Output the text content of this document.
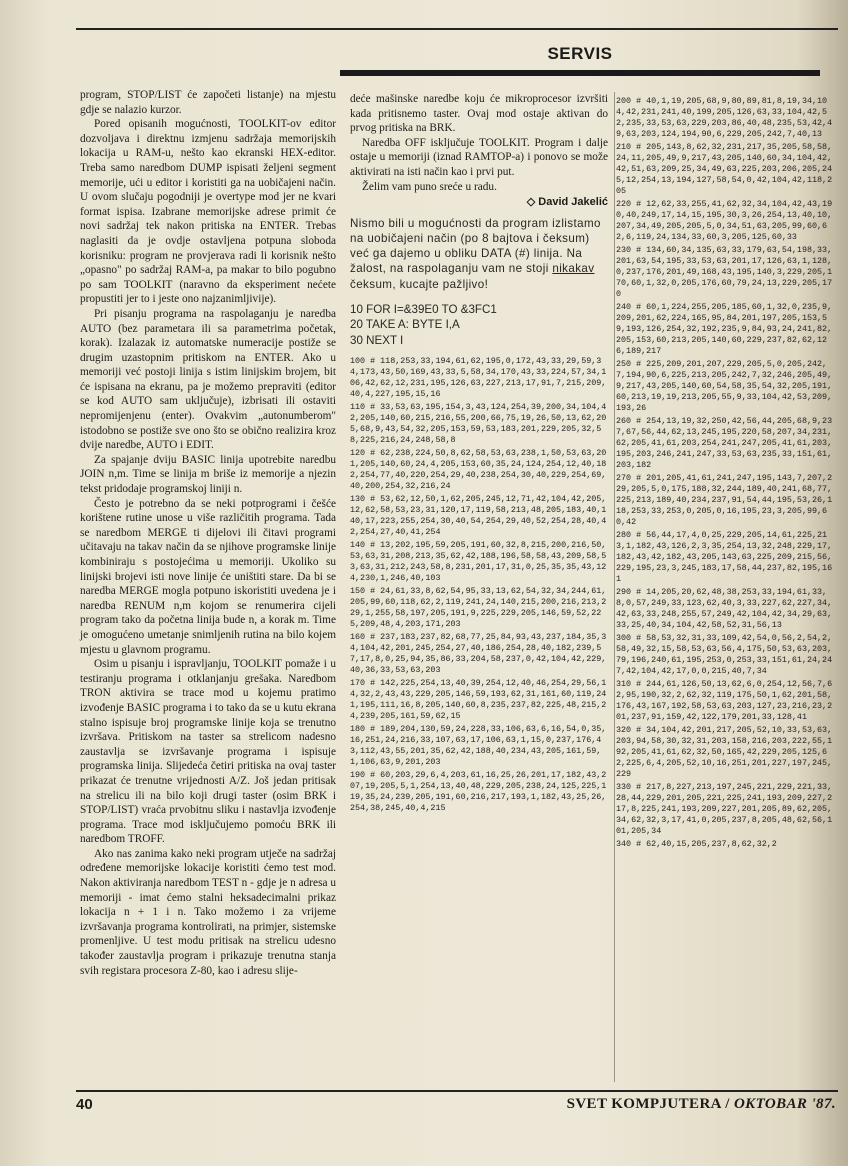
SERVIS

program, STOP/LIST će započeti listanje) na mjestu gdje se nalazio kurzor.

Pored opisanih mogućnosti, TOOLKIT-ov editor dozvoljava i direktnu izmjenu sadržaja memorijskih lokacija u RAM-u, nešto kao ekranski HEX-editor. Treba samo naredbom DUMP ispisati željeni segment memorije, ući u editor i koristiti ga na uobičajeni način. U ovom slučaju pogodniji je overtype mod jer ne kvari format ispisa. Izabrane memorijske adrese primit će novi sadržaj tek nakon pritiska na ENTER. Trebas naglasiti da je ovdje ostavljena potpuna sloboda korisniku: program ne provjerava radi li korisnik nešto „opasno" po sadržaj RAM-a, pa makar to bilo pogubno po sam TOOLKIT (naravno da eksperiment nećete propustiti jer to i jeste ono najzanimljivije).

Pri pisanju programa na raspolaganju je naredba AUTO (bez parametara ili sa parametrima početak, korak). Izalazak iz automatske numeracije postiže se drugim uzastopnim pritiskom na ENTER. Ako u memoriji već postoji linija s istim linijskim brojem, bit će ispisana na ekranu, pa je možemo prepraviti (editor se kod AUTO sam uključuje), izbrisati ili ostaviti nepromijenjenu (enter). Ovakvim „autonumberom" istodobno se postiže sve ono što se obično realizira kroz dvije naredbe, AUTO i EDIT.

Za spajanje dviju BASIC linija upotrebite naredbu JOIN n,m. Time se linija m briše iz memorije a njezin tekst pridodaje programskoj liniji n.

Često je potrebno da se neki potprogrami i češće korištene rutine unose u više različitih programa. Tada se naredbom MERGE ti dijelovi ili čitavi programi učitavaju na takav način da se njihove programske linije kombiniraju s postojećima u memoriji. Ukoliko su linijski brojevi isti nove linije će uništiti stare. Da bi se naredba MERGE mogla potpuno iskoristiti uvedena je i naredba RENUM n,m kojom se renumerira cijeli program tako da početna linija bude n, a korak m. Time je omogućeno umetanje snimljenih rutina na bilo kojem mjestu u glavnom programu.

Osim u pisanju i ispravljanju, TOOLKIT pomaže i u testiranju programa i otklanjanju grešaka. Naredbom TRON aktivira se trace mod u kojemu pratimo izvođenje BASIC programa i to tako da se u kutu ekrana stalno ispisuje broj programske linije koja se trenutno izvršava. Pritiskom na taster sa strelicom nadesno zaustavlja se izvršavanje programa i ispisuje programska linija. Slijedeća četiri pritiska na ovaj taster prikazat će trenutne vrijednosti A/Z. Još jedan pritisak na strelicu ili na bilo koji drugi taster (osim BRK i STOP/LIST) vraća prvobitnu sliku i nastavlja izvođenje programa. Trace mod isključujemo pomoću BRK ili naredbom TROFF.

Ako nas zanima kako neki program utječe na sadržaj određene memorijske lokacije koristiti ćemo test mod. Nakon aktiviranja naredbom TEST n - gdje je n adresa u memoriji - imat ćemo stalni heksadecimalni prikaz lokacija n + 1 i n. Tako možemo i za vrijeme izvršavanja programa kontrolirati, na primjer, sistemske promenljive. U test modu pritisak na strelicu udesno također zaustavlja program i prikazuje trenutna stanja svih registara procesora Z-80, kao i adresu slije-

deće mašinske naredbe koju će mikroprocesor izvršiti kada pritisnemo taster. Ovaj mod ostaje aktivan do prvog pritiska na BRK.

Naredba OFF isključuje TOOLKIT. Program i dalje ostaje u memoriji (iznad RAMTOP-a) i ponovo se može aktivirati na isti način kao i prvi put.

Želim vam puno sreće u radu.

◇ David Jakelić

Nismo bili u mogućnosti da program izlistamo na uobičajeni način (po 8 bajtova i čeksum) već ga dajemo u obliku DATA (#) linija. Na žalost, na raspolaganju vam ne stoji nikakav čeksum, kucajte pažljivo!

10 FOR I=&39E0 TO &3FC1
20 TAKE A: BYTE I,A
30 NEXT I
100 # 118,253,33,194,61,62,195,0,172,43,33,29,59,34,173,43,50,169,43,33,5,58,34,170,43,33,224,57,34,106,42,62,12,231,195,126,63,227,213,17,91,7,215,209,40,4,227,195,15,16
110 # 33,53,63,195,154,3,43,124,254,39,200,34,104,42,205,140,60,215,216,55,200,66,75,19,26,50,13,62,205,68,9,43,54,32,205,153,59,53,183,201,229,205,32,58,225,216,24,248,58,8
120 # 62,238,224,50,8,62,58,53,63,238,1,50,53,63,201,205,140,60,24,4,205,153,60,35,24,124,254,12,40,182,254,77,40,220,254,29,40,238,254,30,40,229,254,69,40,200,254,32,216,24
130 # 53,62,12,50,1,62,205,245,12,71,42,104,42,205,12,62,58,53,23,31,120,17,119,58,213,48,205,183,40,140,17,223,255,254,30,40,54,254,29,40,52,254,28,40,42,254,27,40,41,254
140 # 13,202,195,59,205,191,60,32,8,215,200,216,50,53,63,31,208,213,35,62,42,188,196,58,58,43,209,58,53,63,31,212,243,58,8,231,201,17,31,0,25,35,35,43,124,230,1,246,40,103
150 # 24,61,33,8,62,54,95,33,13,62,54,32,34,244,61,205,99,60,118,62,2,119,241,24,140,215,200,216,213,229,1,255,58,197,205,191,9,225,229,205,146,59,52,225,209,48,4,203,171,203
160 # 237,183,237,82,68,77,25,84,93,43,237,184,35,34,104,42,201,245,254,27,40,186,254,28,40,182,239,57,17,8,0,25,94,35,86,33,204,58,237,0,42,104,42,229,40,36,33,53,63,203
170 # 142,225,254,13,40,39,254,12,40,46,254,29,56,14,32,2,43,43,229,205,146,59,193,62,31,161,60,119,241,195,111,16,8,205,140,60,8,235,237,82,225,48,215,24,239,205,161,59,62,15
180 # 189,204,130,59,24,228,33,106,63,6,16,54,0,35,16,251,24,216,33,107,63,17,106,63,1,15,0,237,176,43,112,43,55,201,35,62,42,188,40,234,43,205,161,59,1,106,63,9,201,203
190 # 60,203,29,6,4,203,61,16,25,26,201,17,182,43,207,19,205,5,1,254,13,40,48,229,205,238,24,125,225,119,35,24,239,205,191,60,216,217,193,1,182,43,25,26,254,38,245,40,4,215
200 # 40,1,19,205,68,9,80,89,81,8,19,34,104,42,231,241,40,199,205,126,63,33,104,42,52,235,33,53,63,229,203,86,40,48,235,53,42,49,63,203,124,194,90,6,229,205,242,7,40,13
210 # 205,143,8,62,32,231,217,35,205,58,58,24,11,205,49,9,217,43,205,140,60,34,104,42,42,51,63,209,25,34,49,63,225,203,206,205,245,12,254,13,194,127,58,54,0,42,104,42,118,205
220 # 12,62,33,255,41,62,32,34,104,42,43,190,40,249,17,14,15,195,30,3,26,254,13,40,10,207,34,49,205,205,5,0,34,51,63,205,99,60,62,6,119,24,134,33,60,3,205,125,60,33
230 # 134,60,34,135,63,33,179,63,54,198,33,201,63,54,195,33,53,63,201,17,126,63,1,128,0,237,176,201,49,168,43,195,140,3,229,205,170,60,1,32,0,205,176,60,79,24,13,229,205,170
240 # 60,1,224,255,205,185,60,1,32,0,235,9,209,201,62,224,165,95,84,201,197,205,153,59,193,126,254,32,192,235,9,84,93,24,241,82,205,153,60,213,205,140,60,229,237,82,62,126,189,217
250 # 225,209,201,207,229,205,5,0,205,242,7,194,90,6,225,213,205,242,7,32,246,205,49,9,217,43,205,140,60,54,58,35,54,32,205,191,60,213,19,19,213,205,55,9,33,104,42,53,209,193,26
260 # 254,13,19,32,250,42,56,44,205,68,9,237,67,56,44,62,13,245,195,220,58,207,34,231,62,205,41,61,203,254,241,247,205,41,61,203,195,203,246,241,247,33,53,63,235,33,151,61,203,182
270 # 201,205,41,61,241,247,195,143,7,207,229,205,5,0,175,188,32,244,189,40,241,68,77,225,213,189,40,234,237,91,54,44,195,53,26,118,253,33,253,0,205,0,16,195,23,3,205,99,60,42
280 # 56,44,17,4,0,25,229,205,14,61,225,213,1,182,43,126,2,3,35,254,13,32,248,229,17,182,43,42,182,43,205,143,63,225,209,215,56,229,195,23,3,245,183,17,58,44,237,82,195,161
290 # 14,205,20,62,48,38,253,33,194,61,33,8,0,57,249,33,123,62,40,3,33,227,62,227,34,42,63,33,248,255,57,249,42,104,42,34,29,63,33,25,40,34,104,42,58,52,31,56,13
300 # 58,53,32,31,33,109,42,54,0,56,2,54,2,58,49,32,15,58,53,63,56,4,175,50,53,63,203,79,196,240,61,195,253,0,253,33,151,61,24,247,42,104,42,17,0,0,215,40,7,34
310 # 244,61,126,50,13,62,6,0,254,12,56,7,62,95,190,32,2,62,32,119,175,50,1,62,201,58,176,43,167,192,58,53,63,203,127,23,216,23,201,237,91,159,42,122,179,201,33,128,41
320 # 34,104,42,201,217,205,52,10,33,53,63,203,94,58,30,32,31,203,158,216,203,222,55,192,205,41,61,62,32,50,165,42,229,205,125,62,225,6,4,205,52,10,16,251,201,227,197,245,229
330 # 217,8,227,213,197,245,221,229,221,33,28,44,229,201,205,221,225,241,193,209,227,217,8,225,241,193,209,227,201,205,89,62,205,34,62,32,3,17,41,0,205,237,8,205,48,62,56,101,205,34
340 # 62,40,15,205,237,8,62,32,2
40	SVET KOMPJUTERA / OKTOBAR '87.
